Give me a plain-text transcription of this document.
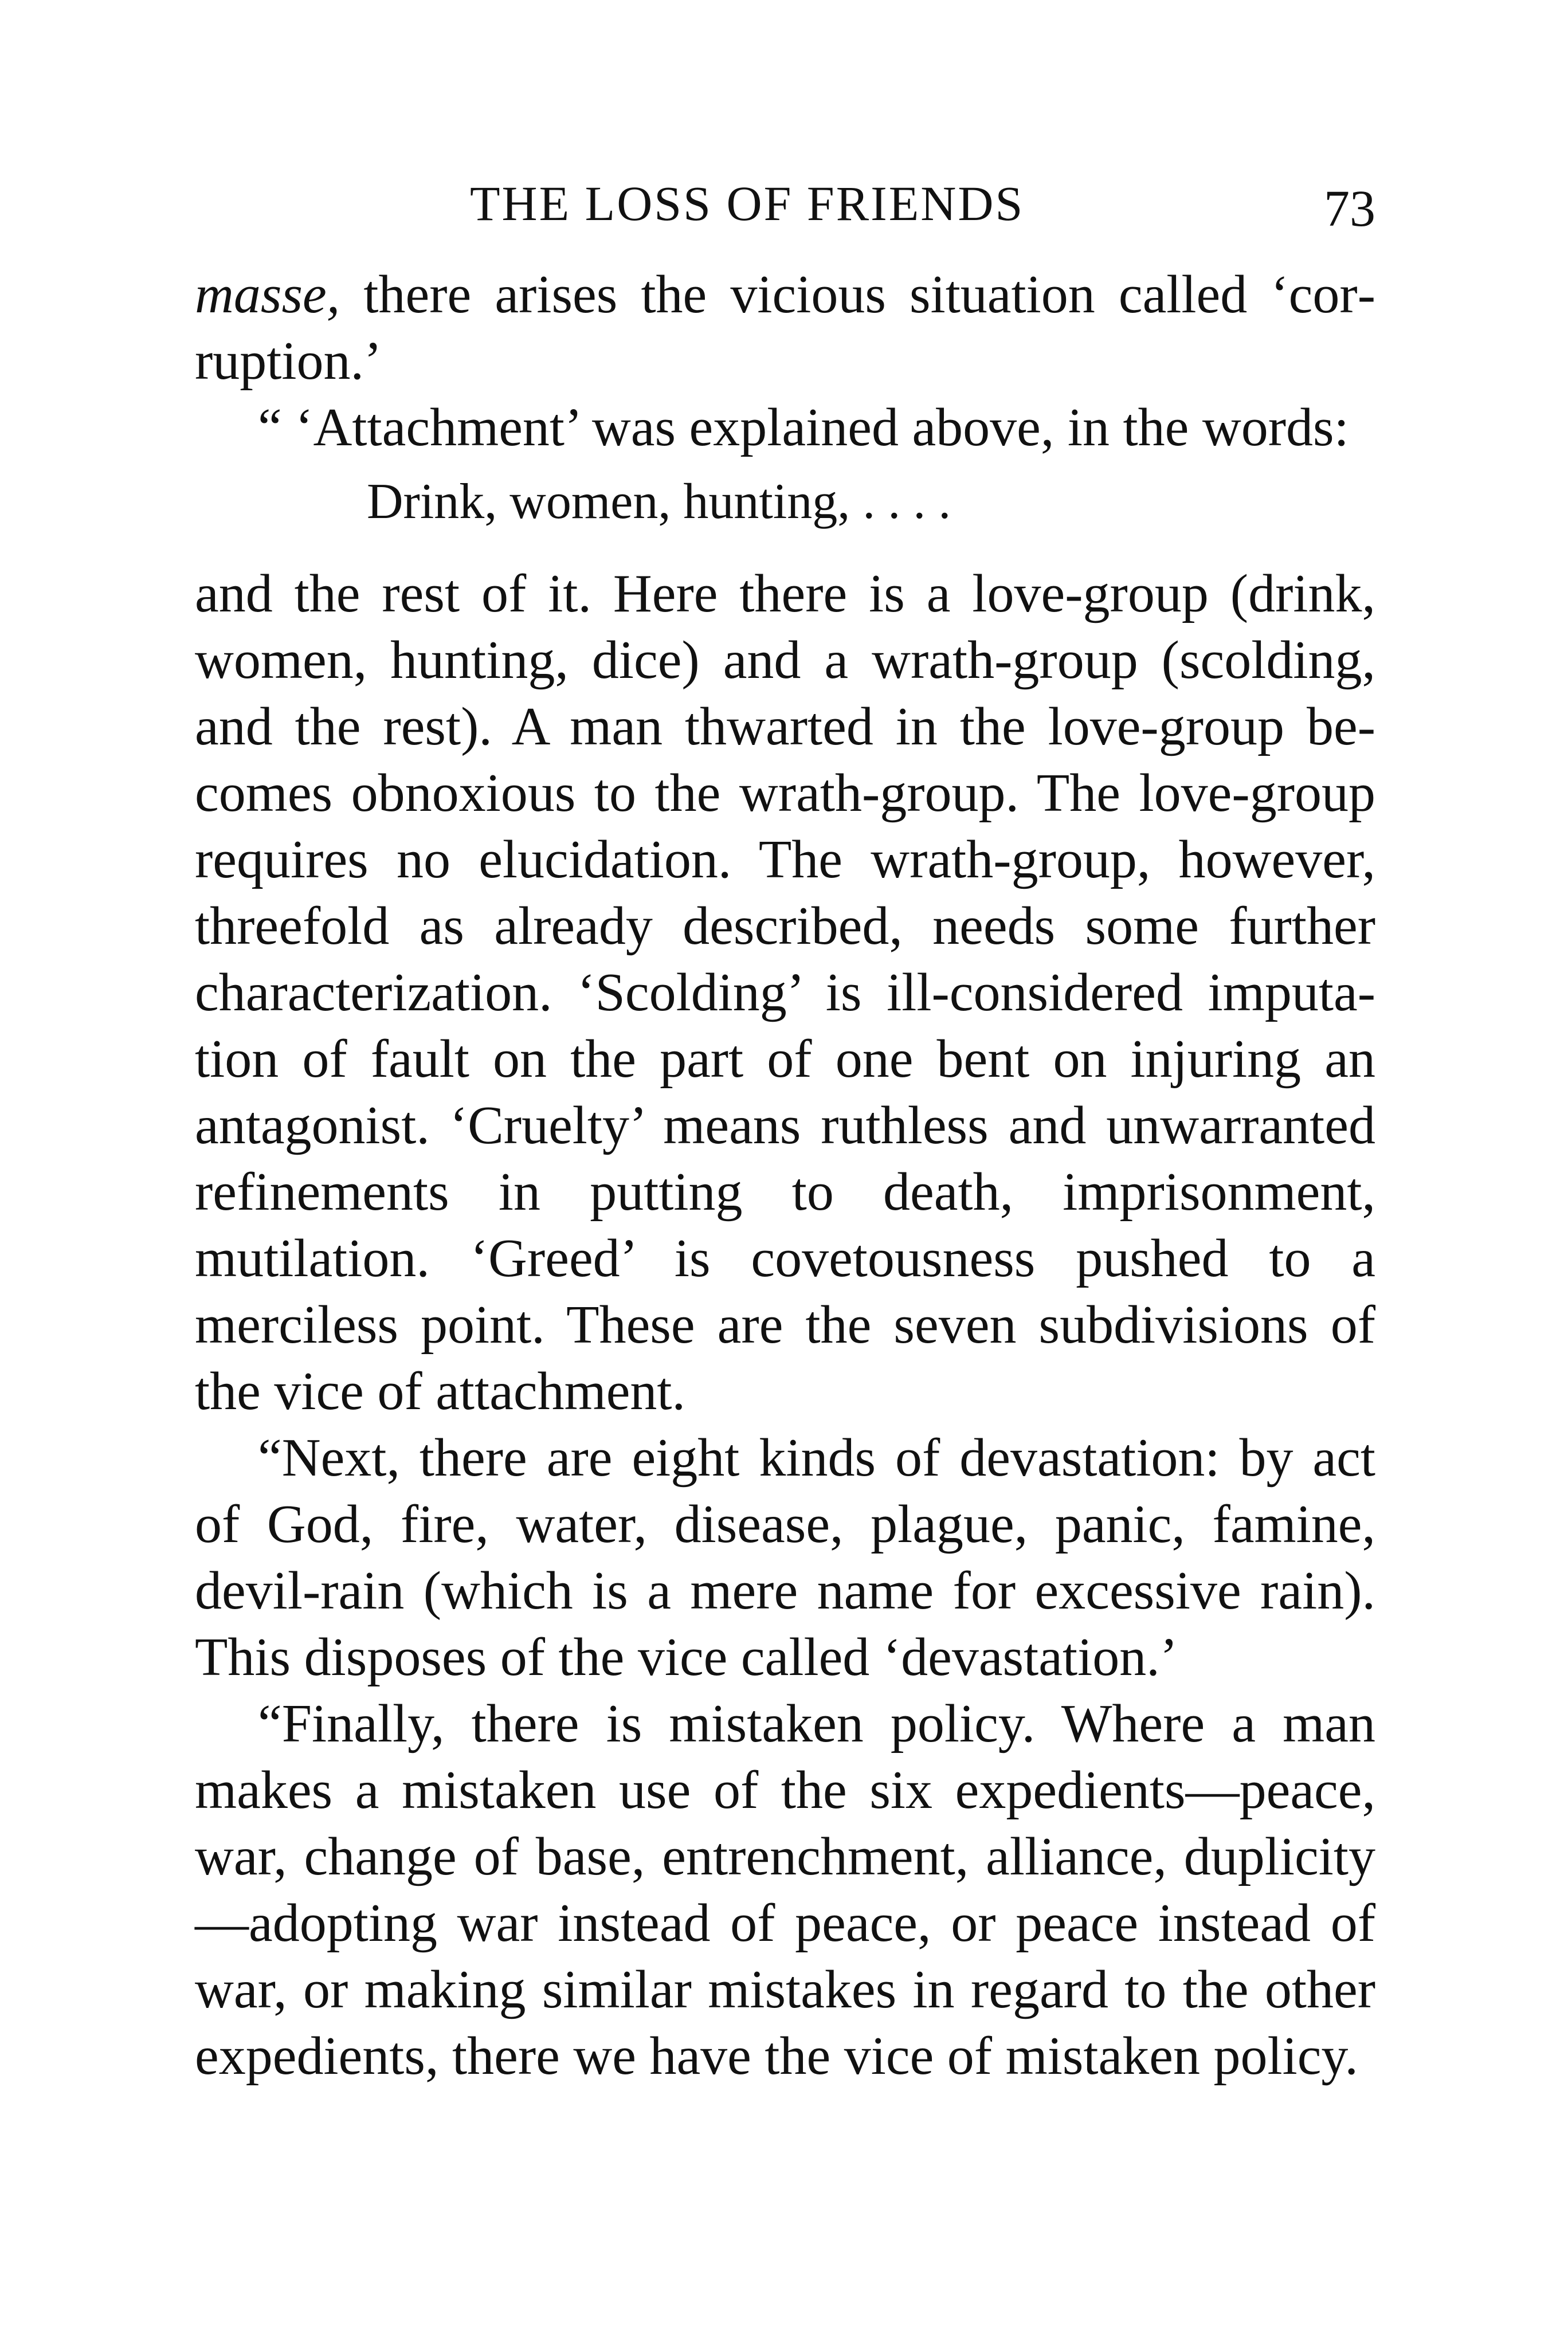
THE LOSS OF FRIENDS	73

masse, there arises the vicious situation called ‘corruption.’

“ ‘Attachment’ was explained above, in the words:

Drink, women, hunting, . . . .

and the rest of it. Here there is a love-group (drink, women, hunting, dice) and a wrath-group (scolding, and the rest). A man thwarted in the love-group becomes obnoxious to the wrath-group. The love-group requires no elucidation. The wrath-group, however, threefold as already described, needs some further characterization. ‘Scolding’ is ill-considered imputation of fault on the part of one bent on injuring an antagonist. ‘Cruelty’ means ruthless and unwarranted refinements in putting to death, imprisonment, mutilation. ‘Greed’ is covetousness pushed to a merciless point. These are the seven subdivisions of the vice of attachment.

“Next, there are eight kinds of devastation: by act of God, fire, water, disease, plague, panic, famine, devil-rain (which is a mere name for excessive rain). This disposes of the vice called ‘devastation.’

“Finally, there is mistaken policy. Where a man makes a mistaken use of the six expedients—peace, war, change of base, entrenchment, alliance, duplicity—adopting war instead of peace, or peace instead of war, or making similar mistakes in regard to the other expedients, there we have the vice of mistaken policy.
